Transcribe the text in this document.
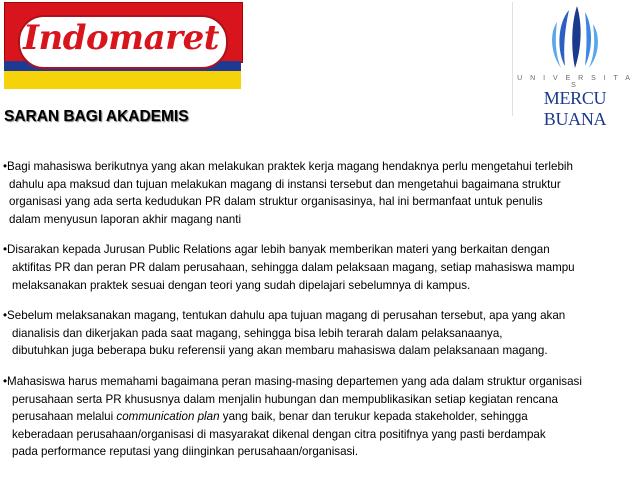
Indomaret
U N I V E R S I T A S
MERCU BUANA
SARAN BAGI AKADEMIS
•Bagi mahasiswa berikutnya yang akan melakukan praktek kerja magang hendaknya perlu mengetahui terlebih
dahulu apa maksud dan tujuan melakukan magang di instansi tersebut dan mengetahui bagaimana struktur
organisasi yang ada serta kedudukan PR dalam struktur organisasinya, hal ini bermanfaat untuk penulis
dalam menyusun laporan akhir magang nanti
•Disarakan kepada Jurusan Public Relations agar lebih banyak memberikan materi yang berkaitan dengan
aktifitas PR dan peran PR dalam perusahaan, sehingga dalam pelaksaan magang, setiap mahasiswa mampu
melaksanakan praktek sesuai dengan teori yang sudah dipelajari sebelumnya di kampus.
•Sebelum melaksanakan magang, tentukan dahulu apa tujuan magang di perusahan tersebut, apa yang akan
dianalisis dan dikerjakan pada saat magang, sehingga bisa lebih terarah dalam pelaksanaanya,
dibutuhkan juga beberapa buku referensii yang akan membaru mahasiswa dalam pelaksanaan magang.
•Mahasiswa harus memahami bagaimana peran masing-masing departemen yang ada dalam struktur organisasi
perusahaan serta PR khususnya dalam menjalin hubungan dan mempublikasikan setiap kegiatan rencana
perusahaan melalui communication plan yang baik, benar dan terukur kepada stakeholder, sehingga
keberadaan perusahaan/organisasi di masyarakat dikenal dengan citra positifnya yang pasti berdampak
pada performance reputasi yang diinginkan perusahaan/organisasi.
